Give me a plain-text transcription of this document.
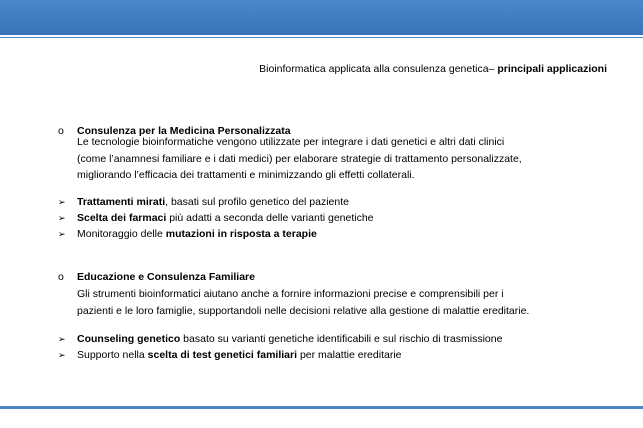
Bioinformatica applicata alla consulenza genetica– principali applicazioni
o Consulenza per la Medicina Personalizzata
Le tecnologie bioinformatiche vengono utilizzate per integrare i dati genetici e altri dati clinici
(come l’anamnesi familiare e i dati medici) per elaborare strategie di trattamento personalizzate,
migliorando l’efficacia dei trattamenti e minimizzando gli effetti collaterali.
➢ Trattamenti mirati, basati sul profilo genetico del paziente
➢ Scelta dei farmaci più adatti a seconda delle varianti genetiche
➢ Monitoraggio delle mutazioni in risposta a terapie
o Educazione e Consulenza Familiare
Gli strumenti bioinformatici aiutano anche a fornire informazioni precise e comprensibili per i
pazienti e le loro famiglie, supportandoli nelle decisioni relative alla gestione di malattie ereditarie.
➢ Counseling genetico basato su varianti genetiche identificabili e sul rischio di trasmissione
➢ Supporto nella scelta di test genetici familiari per malattie ereditarie
